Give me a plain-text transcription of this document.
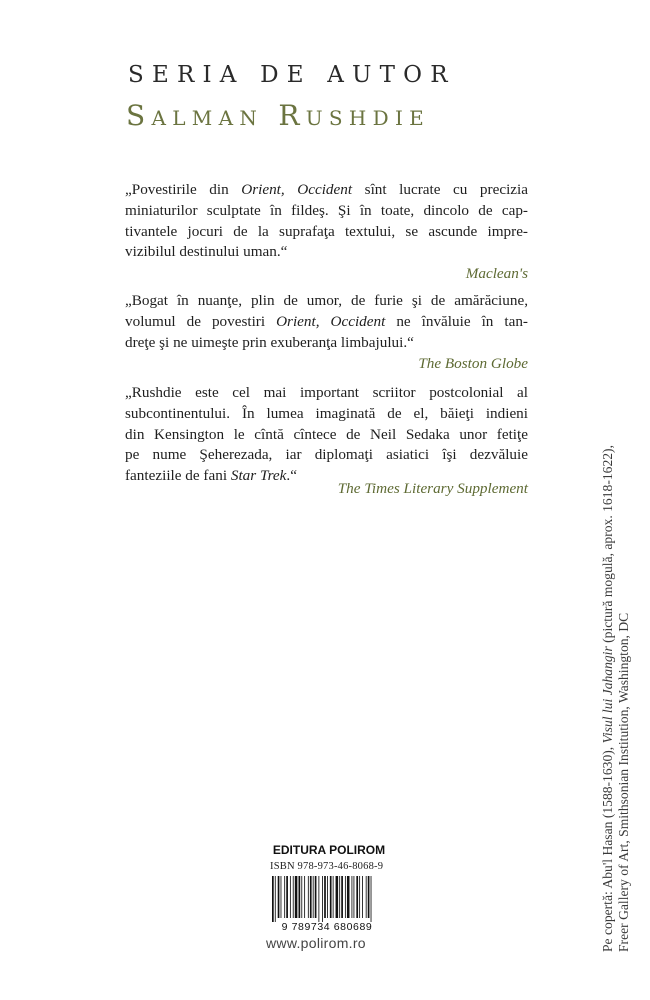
SERIA DE AUTOR
Salman Rushdie
„Povestirile din Orient, Occident sînt lucrate cu precizia
miniaturilor sculptate în fildeş. Şi în toate, dincolo de cap-
tivantele jocuri de la suprafaţa textului, se ascunde impre-
vizibilul destinului uman.“
Maclean's
„Bogat în nuanţe, plin de umor, de furie şi de amărăciune,
volumul de povestiri Orient, Occident ne învăluie în tan-
dreţe şi ne uimeşte prin exuberanţa limbajului.“
The Boston Globe
„Rushdie este cel mai important scriitor postcolonial al
subcontinentului. În lumea imaginată de el, băieţi indieni
din Kensington le cîntă cîntece de Neil Sedaka unor fetiţe
pe nume Şeherezada, iar diplomaţi asiatici îşi dezvăluie
fanteziile de fani Star Trek.“
The Times Literary Supplement
Pe copertă: Abu'l Hasan (1588-1630), Visul lui Jahangir (pictură mogulă, aprox. 1618-1622),
Freer Gallery of Art, Smithsonian Institution, Washington, DC
EDITURA POLIROM
ISBN 978-973-46-8068-9
9 789734 680689
www.polirom.ro
